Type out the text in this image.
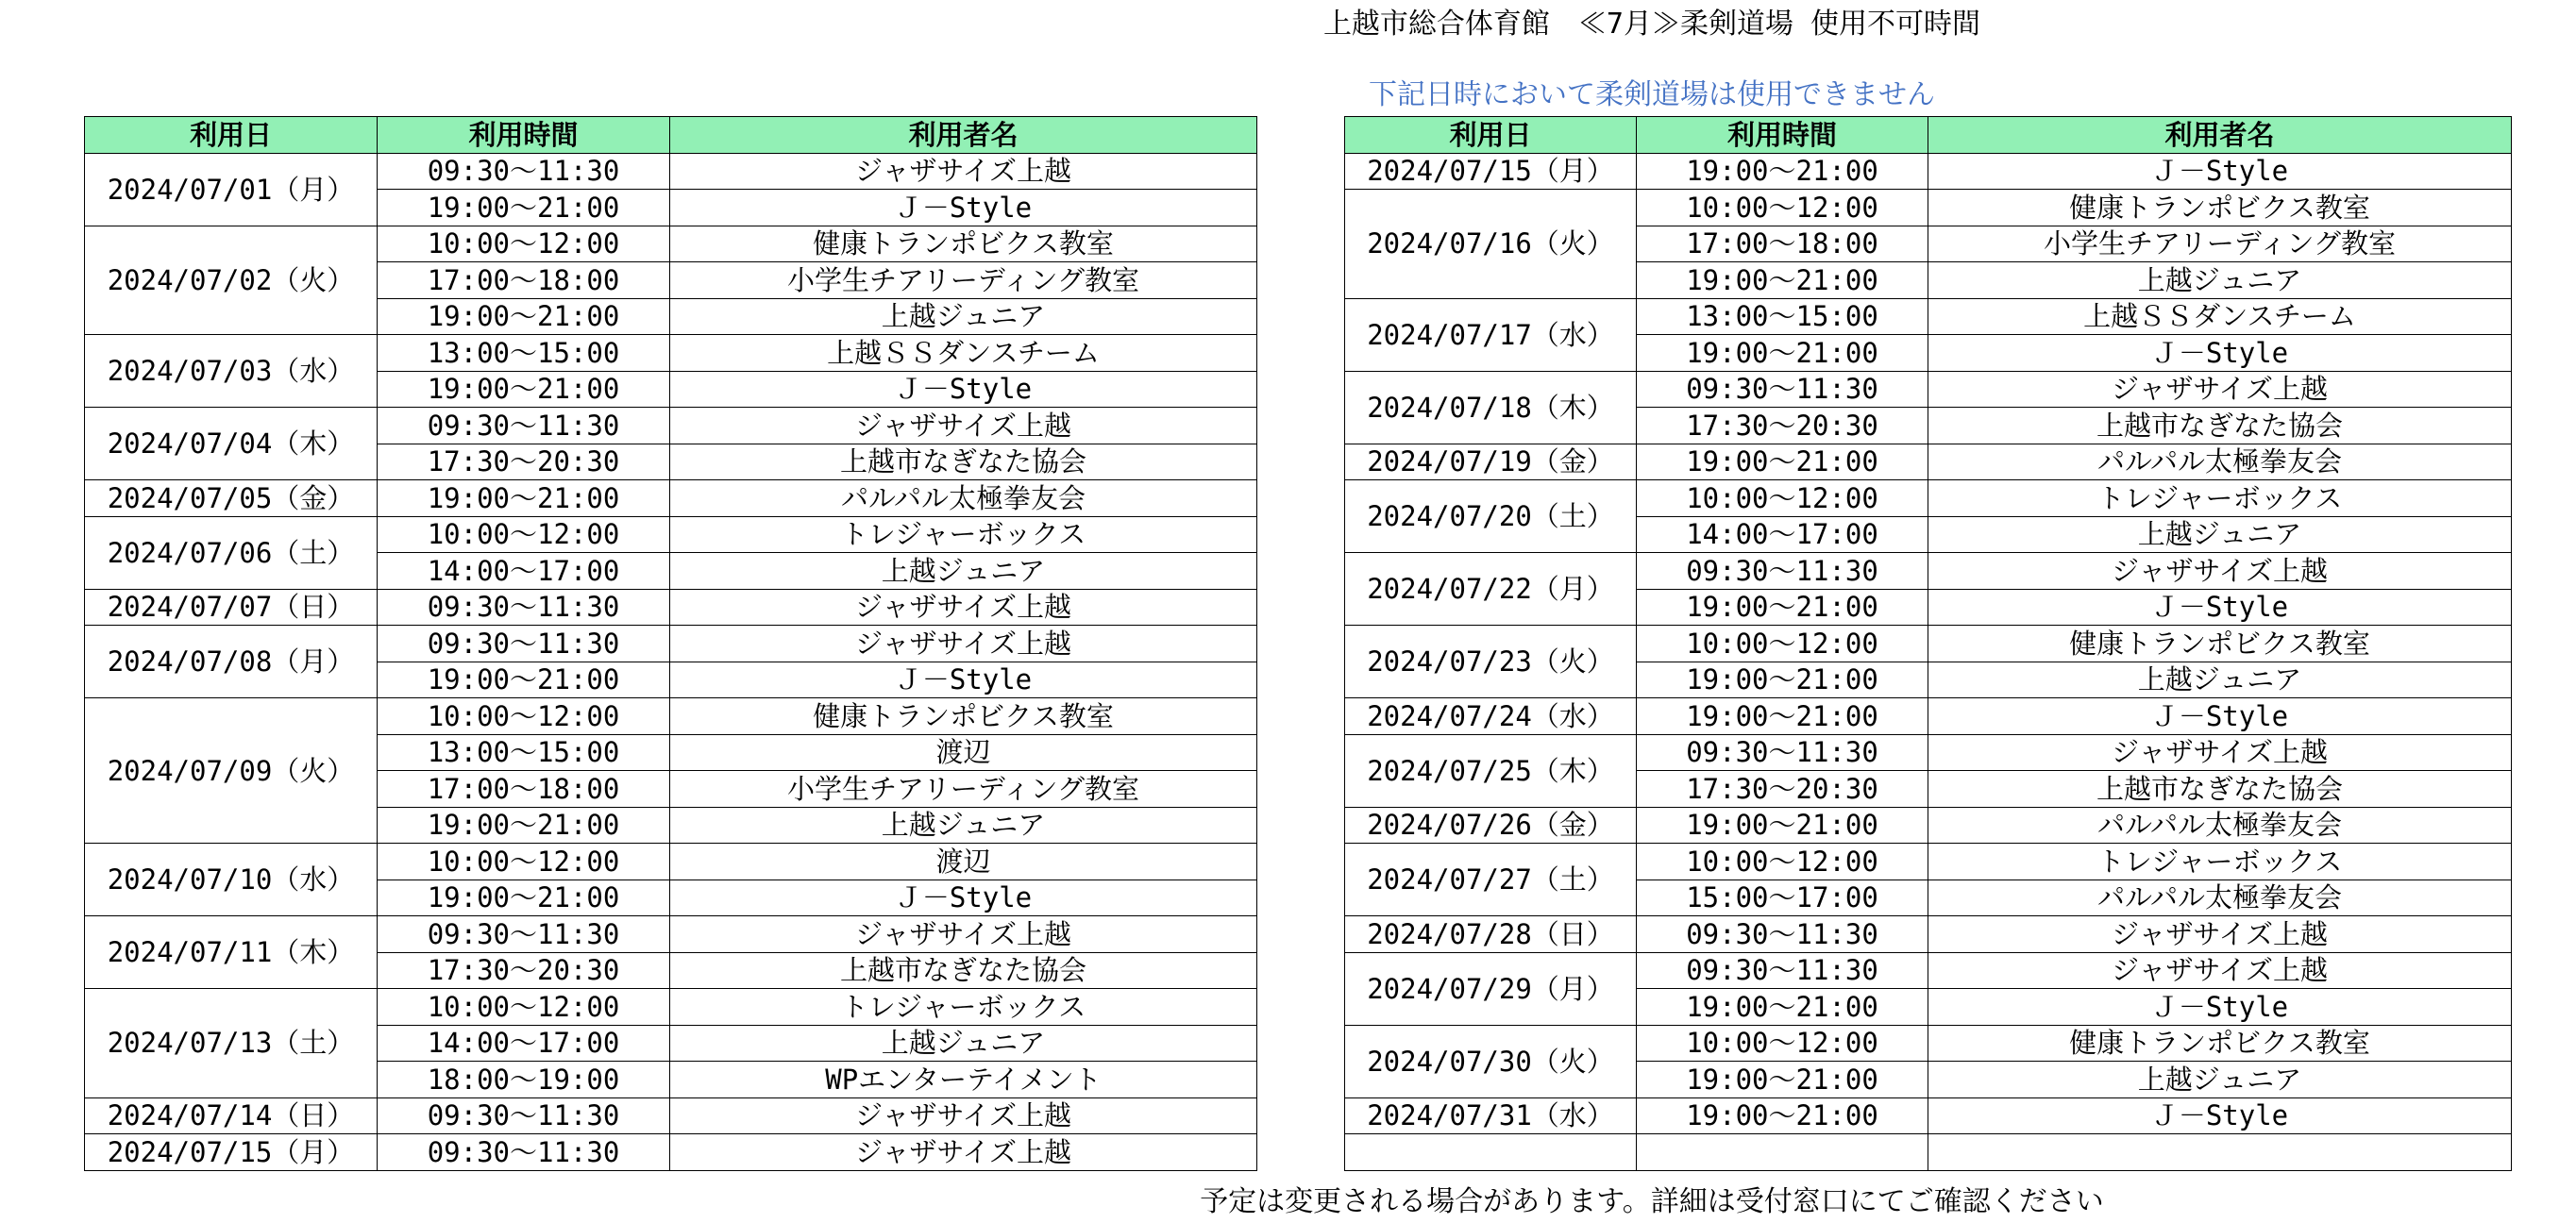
上越市総合体育館　≪7月≫柔剣道場 使用不可時間
下記日時において柔剣道場は使用できません
利用日	利用時間	利用者名
2024/07/01（月）	09:30～11:30	ジャザサイズ上越
	19:00～21:00	Ｊ－Style
2024/07/02（火）	10:00～12:00	健康トランポビクス教室
	17:00～18:00	小学生チアリーディング教室
	19:00～21:00	上越ジュニア
2024/07/03（水）	13:00～15:00	上越ＳＳダンスチーム
	19:00～21:00	Ｊ－Style
2024/07/04（木）	09:30～11:30	ジャザサイズ上越
	17:30～20:30	上越市なぎなた協会
2024/07/05（金）	19:00～21:00	パルパル太極拳友会
2024/07/06（土）	10:00～12:00	トレジャーボックス
	14:00～17:00	上越ジュニア
2024/07/07（日）	09:30～11:30	ジャザサイズ上越
2024/07/08（月）	09:30～11:30	ジャザサイズ上越
	19:00～21:00	Ｊ－Style
2024/07/09（火）	10:00～12:00	健康トランポビクス教室
	13:00～15:00	渡辺
	17:00～18:00	小学生チアリーディング教室
	19:00～21:00	上越ジュニア
2024/07/10（水）	10:00～12:00	渡辺
	19:00～21:00	Ｊ－Style
2024/07/11（木）	09:30～11:30	ジャザサイズ上越
	17:30～20:30	上越市なぎなた協会
2024/07/13（土）	10:00～12:00	トレジャーボックス
	14:00～17:00	上越ジュニア
	18:00～19:00	WPエンターテイメント
2024/07/14（日）	09:30～11:30	ジャザサイズ上越
2024/07/15（月）	09:30～11:30	ジャザサイズ上越
利用日	利用時間	利用者名
2024/07/15（月）	19:00～21:00	Ｊ－Style
2024/07/16（火）	10:00～12:00	健康トランポビクス教室
	17:00～18:00	小学生チアリーディング教室
	19:00～21:00	上越ジュニア
2024/07/17（水）	13:00～15:00	上越ＳＳダンスチーム
	19:00～21:00	Ｊ－Style
2024/07/18（木）	09:30～11:30	ジャザサイズ上越
	17:30～20:30	上越市なぎなた協会
2024/07/19（金）	19:00～21:00	パルパル太極拳友会
2024/07/20（土）	10:00～12:00	トレジャーボックス
	14:00～17:00	上越ジュニア
2024/07/22（月）	09:30～11:30	ジャザサイズ上越
	19:00～21:00	Ｊ－Style
2024/07/23（火）	10:00～12:00	健康トランポビクス教室
	19:00～21:00	上越ジュニア
2024/07/24（水）	19:00～21:00	Ｊ－Style
2024/07/25（木）	09:30～11:30	ジャザサイズ上越
	17:30～20:30	上越市なぎなた協会
2024/07/26（金）	19:00～21:00	パルパル太極拳友会
2024/07/27（土）	10:00～12:00	トレジャーボックス
	15:00～17:00	パルパル太極拳友会
2024/07/28（日）	09:30～11:30	ジャザサイズ上越
2024/07/29（月）	09:30～11:30	ジャザサイズ上越
	19:00～21:00	Ｊ－Style
2024/07/30（火）	10:00～12:00	健康トランポビクス教室
	19:00～21:00	上越ジュニア
2024/07/31（水）	19:00～21:00	Ｊ－Style

予定は変更される場合があります。詳細は受付窓口にてご確認ください
